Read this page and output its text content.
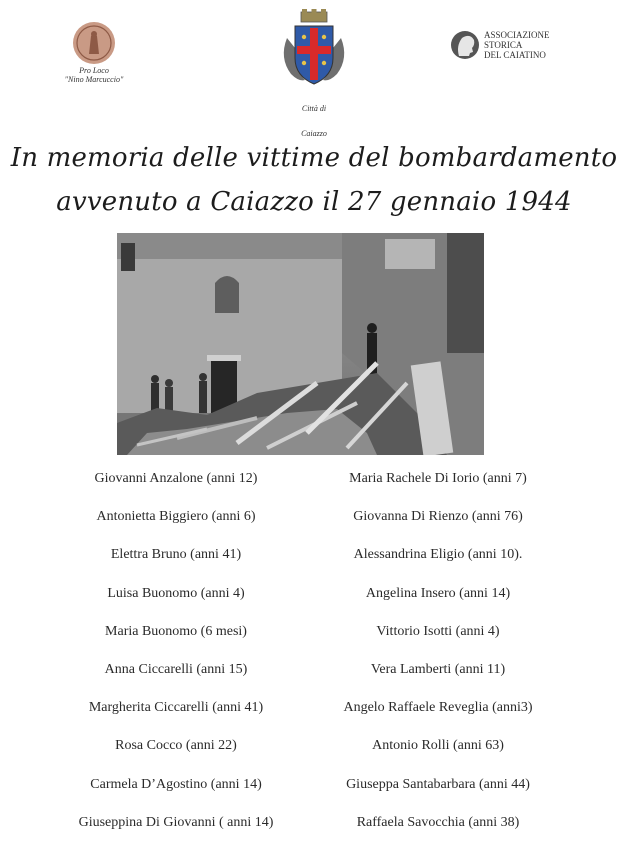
Pro Loco
"Nino Marcuccio"
Città di
Caiazzo
ASSOCIAZIONE
STORICA
DEL CAIATINO
In memoria delle vittime del bombardamento
avvenuto a Caiazzo il 27 gennaio 1944
Giovanni Anzalone (anni 12)
Antonietta Biggiero (anni 6)
Elettra Bruno (anni 41)
Luisa Buonomo (anni 4)
Maria Buonomo (6 mesi)
Anna Ciccarelli (anni 15)
Margherita Ciccarelli (anni 41)
Rosa Cocco (anni 22)
Carmela D’Agostino (anni 14)
Giuseppina Di Giovanni ( anni 14)
Maria Rachele Di Iorio (anni 7)
Giovanna Di Rienzo (anni 76)
Alessandrina Eligio (anni 10).
Angelina Insero (anni 14)
Vittorio Isotti (anni 4)
Vera Lamberti (anni 11)
Angelo Raffaele Reveglia (anni3)
Antonio Rolli (anni 63)
Giuseppa Santabarbara (anni 44)
Raffaela Savocchia (anni 38)
